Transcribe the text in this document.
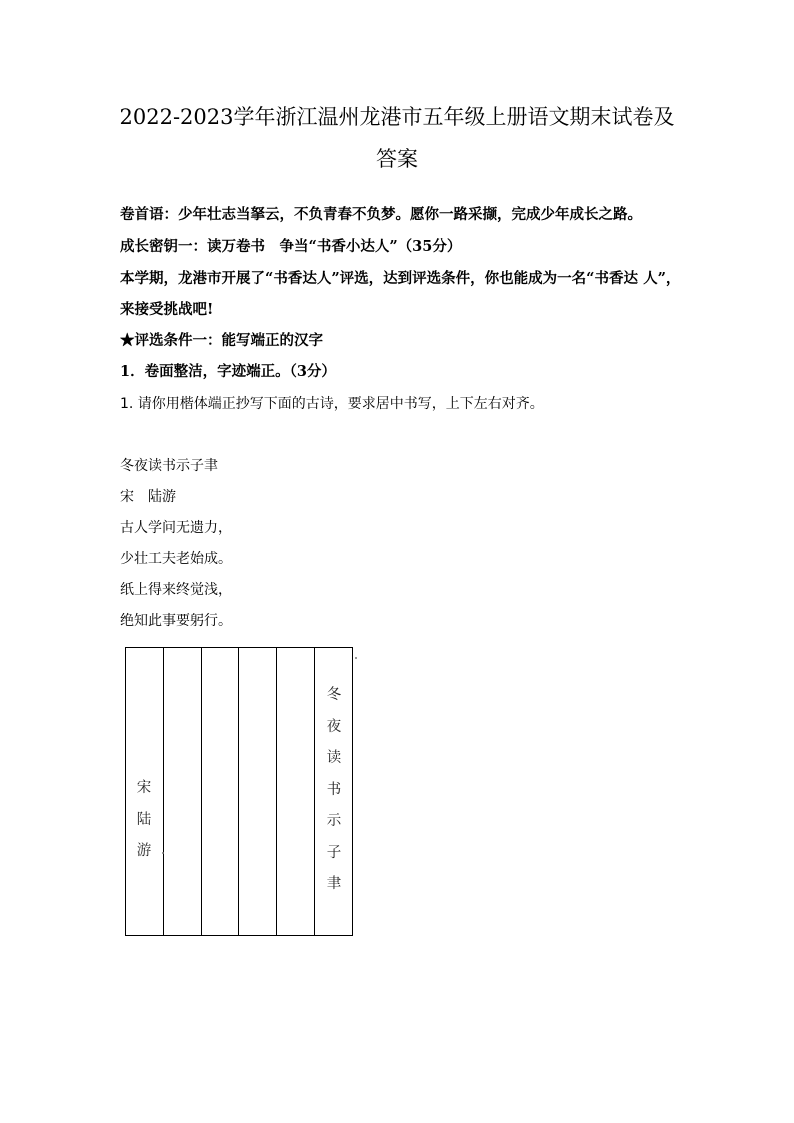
2022-2023学年浙江温州龙港市五年级上册语文期末试卷及
答案

卷首语：少年壮志当拏云，不负青春不负梦。愿你一路采撷，完成少年成长之路。

成长密钥一：读万卷书　争当“书香小达人”（35分）

本学期，龙港市开展了“书香达人”评选，达到评选条件，你也能成为一名“书香达 人”，

来接受挑战吧!

★评选条件一：能写端正的汉字

1．卷面整洁，字迹端正。（3分）

1. 请你用楷体端正抄写下面的古诗，要求居中书写，上下左右对齐。

冬夜读书示子聿

宋　陆游

古人学问无遗力，

少壮工夫老始成。

纸上得来终觉浅，

绝知此事要躬行。

宋
陆
游
冬
夜
读
书
示
子
聿
